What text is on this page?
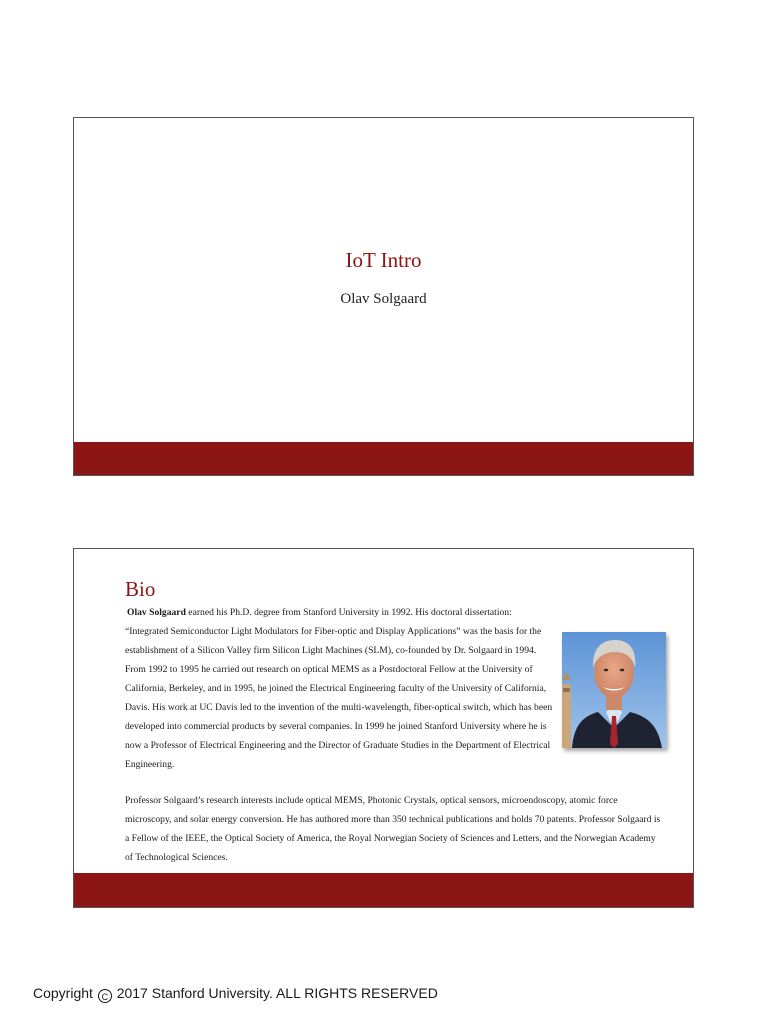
IoT Intro
Olav Solgaard
Bio

Olav Solgaard earned his Ph.D. degree from Stanford University in 1992. His doctoral dissertation: “Integrated Semiconductor Light Modulators for Fiber-optic and Display Applications” was the basis for the establishment of a Silicon Valley firm Silicon Light Machines (SLM), co-founded by Dr. Solgaard in 1994. From 1992 to 1995 he carried out research on optical MEMS as a Postdoctoral Fellow at the University of California, Berkeley, and in 1995, he joined the Electrical Engineering faculty of the University of California, Davis. His work at UC Davis led to the invention of the multi-wavelength, fiber-optical switch, which has been developed into commercial products by several companies. In 1999 he joined Stanford University where he is now a Professor of Electrical Engineering and the Director of Graduate Studies in the Department of Electrical Engineering.

Professor Solgaard’s research interests include optical MEMS, Photonic Crystals, optical sensors, microendoscopy, atomic force microscopy, and solar energy conversion. He has authored more than 350 technical publications and holds 70 patents. Professor Solgaard is a Fellow of the IEEE, the Optical Society of America, the Royal Norwegian Society of Sciences and Letters, and the Norwegian Academy of Technological Sciences.

Copyright C 2017 Stanford University. ALL RIGHTS RESERVED
